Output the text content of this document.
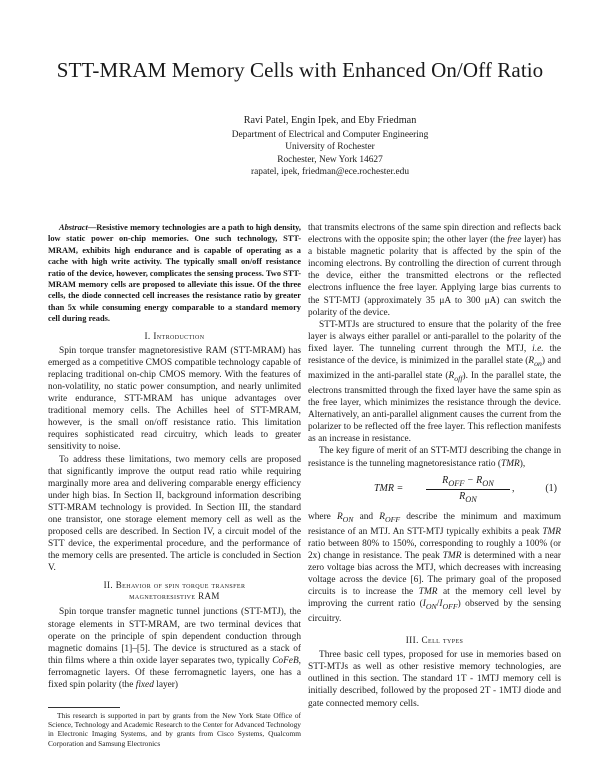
STT-MRAM Memory Cells with Enhanced On/Off Ratio
Ravi Patel, Engin Ipek, and Eby Friedman
Department of Electrical and Computer Engineering
University of Rochester
Rochester, New York 14627
rapatel, ipek, friedman@ece.rochester.edu

Abstract—Resistive memory technologies are a path to high density, low static power on-chip memories. One such technology, STT-MRAM, exhibits high endurance and is capable of operating as a cache with high write activity. The typically small on/off resistance ratio of the device, however, complicates the sensing process. Two STT-MRAM memory cells are proposed to alleviate this issue. Of the three cells, the diode connected cell increases the resistance ratio by greater than 5x while consuming energy comparable to a standard memory cell during reads.

I. Introduction

Spin torque transfer magnetoresistive RAM (STT-MRAM) has emerged as a competitive CMOS compatible technology capable of replacing traditional on-chip CMOS memory. With the features of non-volatility, no static power consumption, and nearly unlimited write endurance, STT-MRAM has unique advantages over traditional memory cells. The Achilles heel of STT-MRAM, however, is the small on/off resistance ratio. This limitation requires sophisticated read circuitry, which leads to greater sensitivity to noise.

To address these limitations, two memory cells are proposed that significantly improve the output read ratio while requiring marginally more area and delivering comparable energy efficiency under high bias. In Section II, background information describing STT-MRAM technology is provided. In Section III, the standard one transistor, one storage element memory cell as well as the proposed cells are described. In Section IV, a circuit model of the STT device, the experimental procedure, and the performance of the memory cells are presented. The article is concluded in Section V.

II. Behavior of spin torque transfer
magnetoresistive RAM

Spin torque transfer magnetic tunnel junctions (STT-MTJ), the storage elements in STT-MRAM, are two terminal devices that operate on the principle of spin dependent conduction through magnetic domains [1]–[5]. The device is structured as a stack of thin films where a thin oxide layer separates two, typically CoFeB, ferromagnetic layers. Of these ferromagnetic layers, one has a fixed spin polarity (the fixed layer)

that transmits electrons of the same spin direction and reflects back electrons with the opposite spin; the other layer (the free layer) has a bistable magnetic polarity that is affected by the spin of the incoming electrons. By controlling the direction of current through the device, either the transmitted electrons or the reflected electrons influence the free layer. Applying large bias currents to the STT-MTJ (approximately 35 μA to 300 μA) can switch the polarity of the device.

STT-MTJs are structured to ensure that the polarity of the free layer is always either parallel or anti-parallel to the polarity of the fixed layer. The tunneling current through the MTJ, i.e. the resistance of the device, is minimized in the parallel state $(R_{on})$ and maximized in the anti-parallel state $(R_{off})$. In the parallel state, the electrons transmitted through the fixed layer have the same spin as the free layer, which minimizes the resistance through the device. Alternatively, an anti-parallel alignment causes the current from the polarizer to be reflected off the free layer. This reflection manifests as an increase in resistance.

The key figure of merit of an STT-MTJ describing the change in resistance is the tunneling magnetoresistance ratio (TMR),

TMR =
$R_{OFF} - R_{ON}$
$R_{ON}$
,	(1)

where $R_{ON}$ and $R_{OFF}$ describe the minimum and maximum resistance of an MTJ. An STT-MTJ typically exhibits a peak TMR ratio between 80% to 150%, corresponding to roughly a 100% (or 2x) change in resistance. The peak TMR is determined with a near zero voltage bias across the MTJ, which decreases with increasing voltage across the device [6]. The primary goal of the proposed circuits is to increase the TMR at the memory cell level by improving the current ratio $(I_{ON}/I_{OFF})$ observed by the sensing circuitry.

III. Cell types

Three basic cell types, proposed for use in memories based on STT-MTJs as well as other resistive memory technologies, are outlined in this section. The standard 1T - 1MTJ memory cell is initially described, followed by the proposed 2T - 1MTJ diode and gate connected memory cells.

This research is supported in part by grants from the New York State Office of Science, Technology and Academic Research to the Center for Advanced Technology in Electronic Imaging Systems, and by grants from Cisco Systems, Qualcomm Corporation and Samsung Electronics
